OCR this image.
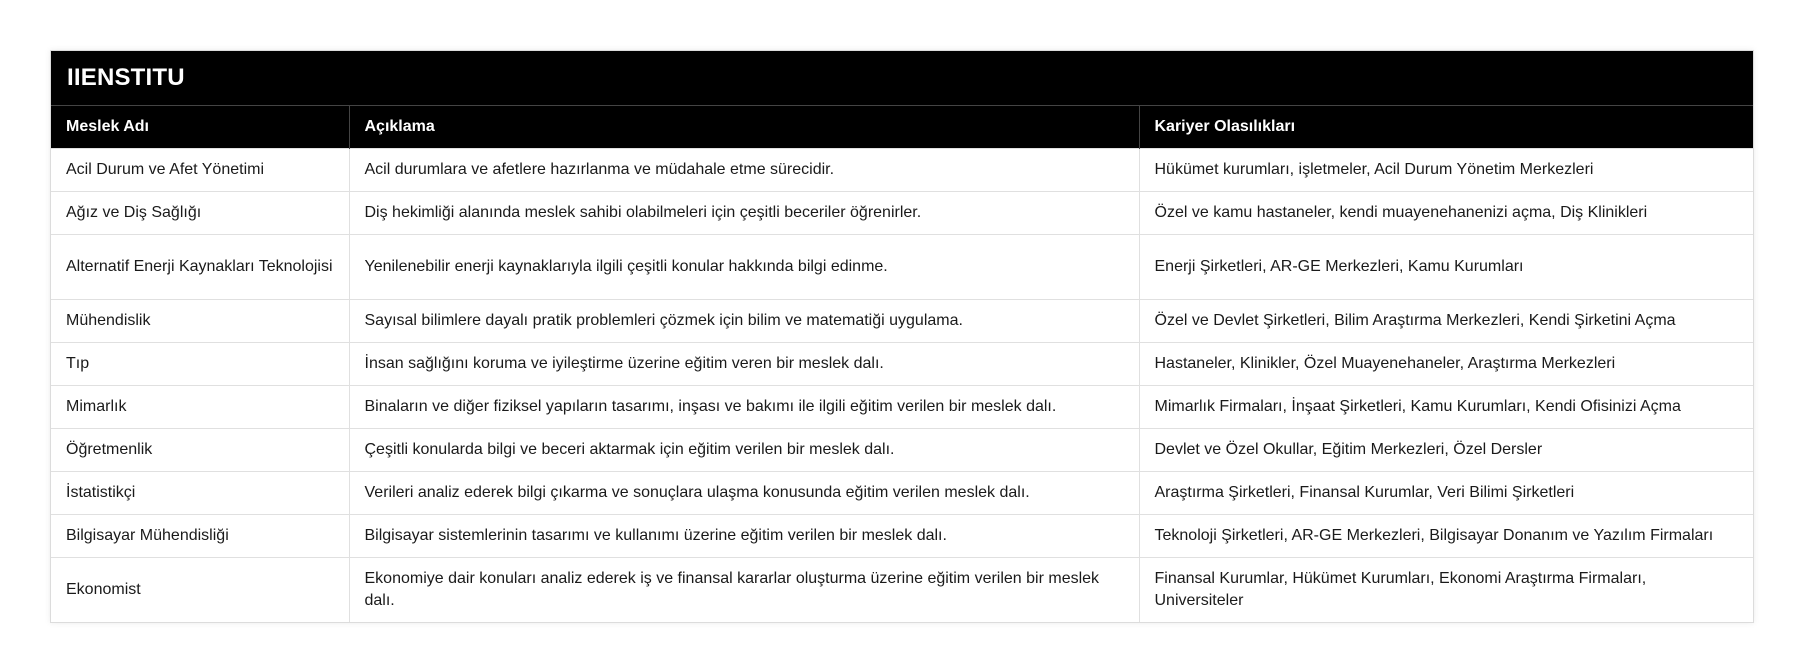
IIENSTITU
Meslek Adı	Açıklama	Kariyer Olasılıkları
Acil Durum ve Afet Yönetimi	Acil durumlara ve afetlere hazırlanma ve müdahale etme sürecidir.	Hükümet kurumları, işletmeler, Acil Durum Yönetim Merkezleri
Ağız ve Diş Sağlığı	Diş hekimliği alanında meslek sahibi olabilmeleri için çeşitli beceriler öğrenirler.	Özel ve kamu hastaneler, kendi muayenehanenizi açma, Diş Klinikleri
Alternatif Enerji Kaynakları Teknolojisi	Yenilenebilir enerji kaynaklarıyla ilgili çeşitli konular hakkında bilgi edinme.	Enerji Şirketleri, AR-GE Merkezleri, Kamu Kurumları
Mühendislik	Sayısal bilimlere dayalı pratik problemleri çözmek için bilim ve matematiği uygulama.	Özel ve Devlet Şirketleri, Bilim Araştırma Merkezleri, Kendi Şirketini Açma
Tıp	İnsan sağlığını koruma ve iyileştirme üzerine eğitim veren bir meslek dalı.	Hastaneler, Klinikler, Özel Muayenehaneler, Araştırma Merkezleri
Mimarlık	Binaların ve diğer fiziksel yapıların tasarımı, inşası ve bakımı ile ilgili eğitim verilen bir meslek dalı.	Mimarlık Firmaları, İnşaat Şirketleri, Kamu Kurumları, Kendi Ofisinizi Açma
Öğretmenlik	Çeşitli konularda bilgi ve beceri aktarmak için eğitim verilen bir meslek dalı.	Devlet ve Özel Okullar, Eğitim Merkezleri, Özel Dersler
İstatistikçi	Verileri analiz ederek bilgi çıkarma ve sonuçlara ulaşma konusunda eğitim verilen meslek dalı.	Araştırma Şirketleri, Finansal Kurumlar, Veri Bilimi Şirketleri
Bilgisayar Mühendisliği	Bilgisayar sistemlerinin tasarımı ve kullanımı üzerine eğitim verilen bir meslek dalı.	Teknoloji Şirketleri, AR-GE Merkezleri, Bilgisayar Donanım ve Yazılım Firmaları
Ekonomist	Ekonomiye dair konuları analiz ederek iş ve finansal kararlar oluşturma üzerine eğitim verilen bir meslek dalı.	Finansal Kurumlar, Hükümet Kurumları, Ekonomi Araştırma Firmaları, Universiteler
